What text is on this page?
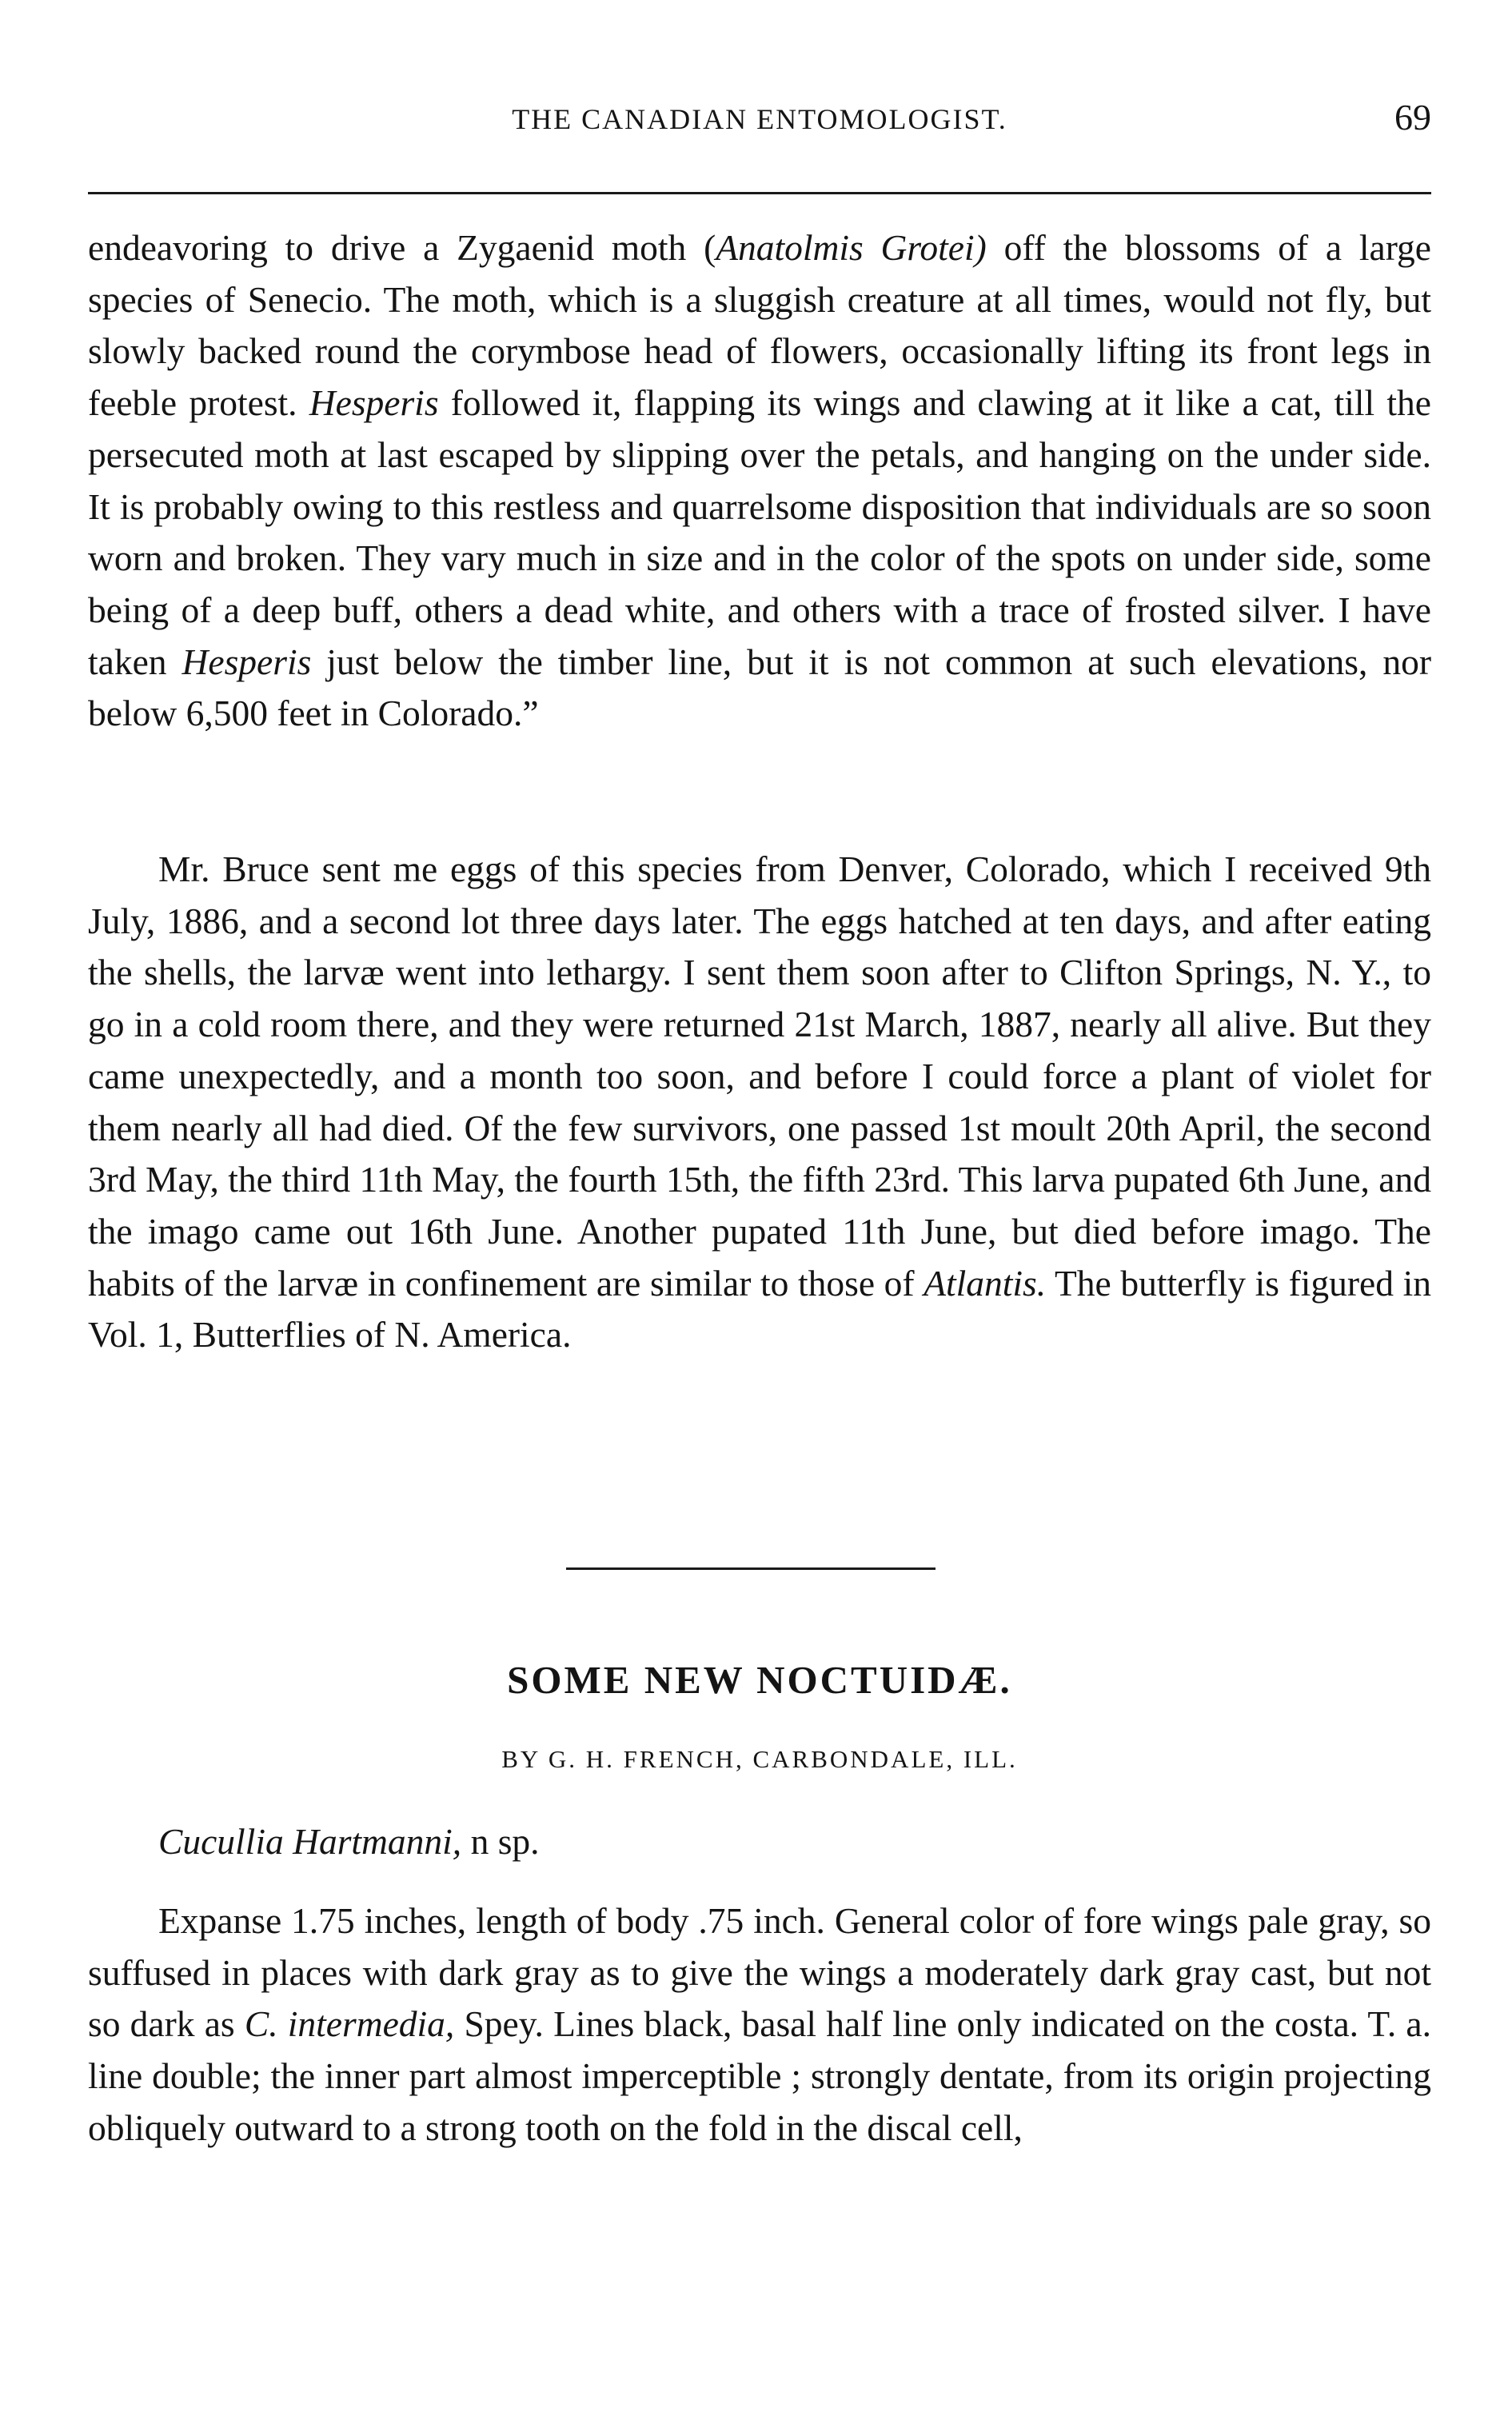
THE CANADIAN ENTOMOLOGIST.	69

endeavoring to drive a Zygaenid moth (Anatolmis Grotei) off the blossoms of a large species of Senecio. The moth, which is a sluggish creature at all times, would not fly, but slowly backed round the corymbose head of flowers, occasionally lifting its front legs in feeble protest. Hesperis followed it, flapping its wings and clawing at it like a cat, till the persecuted moth at last escaped by slipping over the petals, and hanging on the under side. It is probably owing to this restless and quarrelsome disposition that individuals are so soon worn and broken. They vary much in size and in the color of the spots on under side, some being of a deep buff, others a dead white, and others with a trace of frosted silver. I have taken Hesperis just below the timber line, but it is not common at such elevations, nor below 6,500 feet in Colorado.”

Mr. Bruce sent me eggs of this species from Denver, Colorado, which I received 9th July, 1886, and a second lot three days later. The eggs hatched at ten days, and after eating the shells, the larvæ went into lethargy. I sent them soon after to Clifton Springs, N. Y., to go in a cold room there, and they were returned 21st March, 1887, nearly all alive. But they came unexpectedly, and a month too soon, and before I could force a plant of violet for them nearly all had died. Of the few survivors, one passed 1st moult 20th April, the second 3rd May, the third 11th May, the fourth 15th, the fifth 23rd. This larva pupated 6th June, and the imago came out 16th June. Another pupated 11th June, but died before imago. The habits of the larvæ in confinement are similar to those of Atlantis. The butterfly is figured in Vol. 1, Butterflies of N. America.

SOME NEW NOCTUIDÆ.
BY G. H. FRENCH, CARBONDALE, ILL.
Cucullia Hartmanni, n sp.

Expanse 1.75 inches, length of body .75 inch. General color of fore wings pale gray, so suffused in places with dark gray as to give the wings a moderately dark gray cast, but not so dark as C. intermedia, Spey. Lines black, basal half line only indicated on the costa. T. a. line double; the inner part almost imperceptible ; strongly dentate, from its origin projecting obliquely outward to a strong tooth on the fold in the discal cell,
